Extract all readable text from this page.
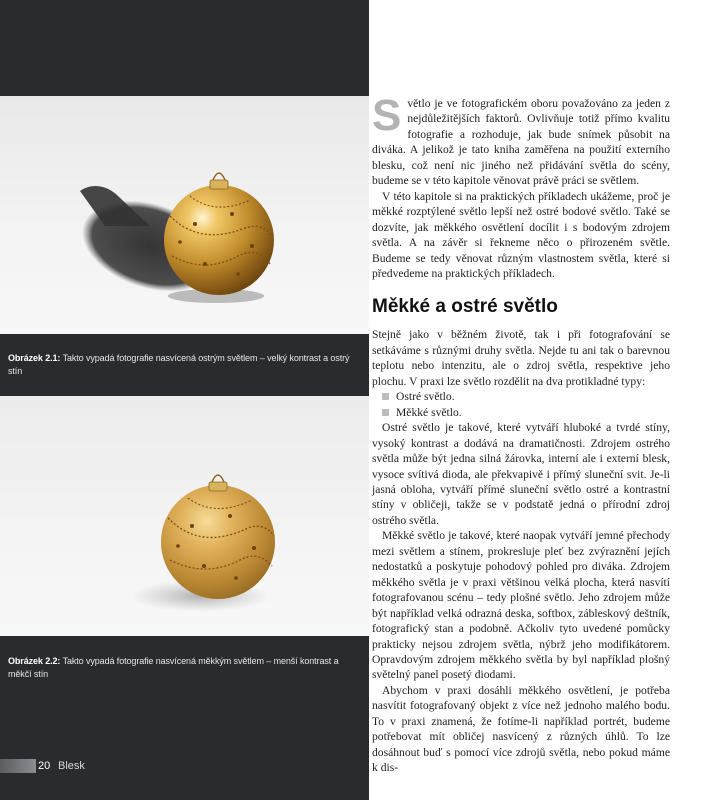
Obrázek 2.1: Takto vypadá fotografie nasvícená ostrým světlem – velký kontrast a ostrý stín
Obrázek 2.2: Takto vypadá fotografie nasvícená měkkým světlem – menší kontrast a měkčí stín
20 Blesk

Světlo je ve fotografickém oboru považováno za jeden z nejdůležitějších faktorů. Ovlivňuje totiž přímo kvalitu fotografie a rozhoduje, jak bude snímek působit na diváka. A jelikož je tato kniha zaměřena na použití externího blesku, což není nic jiného než přidávání světla do scény, budeme se v této kapitole věnovat právě práci se světlem.

V této kapitole si na praktických příkladech ukážeme, proč je měkké rozptýlené světlo lepší než ostré bodové světlo. Také se dozvíte, jak měkkého osvětlení docílit i s bodovým zdrojem světla. A na závěr si řekneme něco o přirozeném světle. Budeme se tedy věnovat různým vlastnostem světla, které si předvedeme na praktických příkladech.

Měkké a ostré světlo

Stejně jako v běžném životě, tak i při fotografování se setkáváme s různými druhy světla. Nejde tu ani tak o barevnou teplotu nebo intenzitu, ale o zdroj světla, respektive jeho plochu. V praxi lze světlo rozdělit na dva protikladné typy:

Ostré světlo.
Měkké světlo.

Ostré světlo je takové, které vytváří hluboké a tvrdé stíny, vysoký kontrast a dodává na dramatičnosti. Zdrojem ostrého světla může být jedna silná žárovka, interní ale i externí blesk, vysoce svítivá dioda, ale překvapivě i přímý sluneční svit. Je-li jasná obloha, vytváří přímé sluneční světlo ostré a kontrastní stíny v obličeji, takže se v podstatě jedná o přírodní zdroj ostrého světla.

Měkké světlo je takové, které naopak vytváří jemné přechody mezi světlem a stínem, prokresluje pleť bez zvýraznění jejích nedostatků a poskytuje pohodový pohled pro diváka. Zdrojem měkkého světla je v praxi většinou velká plocha, která nasvítí fotografovanou scénu – tedy plošné světlo. Jeho zdrojem může být například velká odrazná deska, softbox, zábleskový deštník, fotografický stan a podobně. Ačkoliv tyto uvedené pomůcky prakticky nejsou zdrojem světla, nýbrž jeho modifikátorem. Opravdovým zdrojem měkkého světla by byl například plošný světelný panel posetý diodami.

Abychom v praxi dosáhli měkkého osvětlení, je potřeba nasvítit fotografovaný objekt z více než jednoho malého bodu. To v praxi znamená, že fotíme-li například portrét, budeme potřebovat mít obličej nasvícený z různých úhlů. To lze dosáhnout buď s pomocí více zdrojů světla, nebo pokud máme k dis-
